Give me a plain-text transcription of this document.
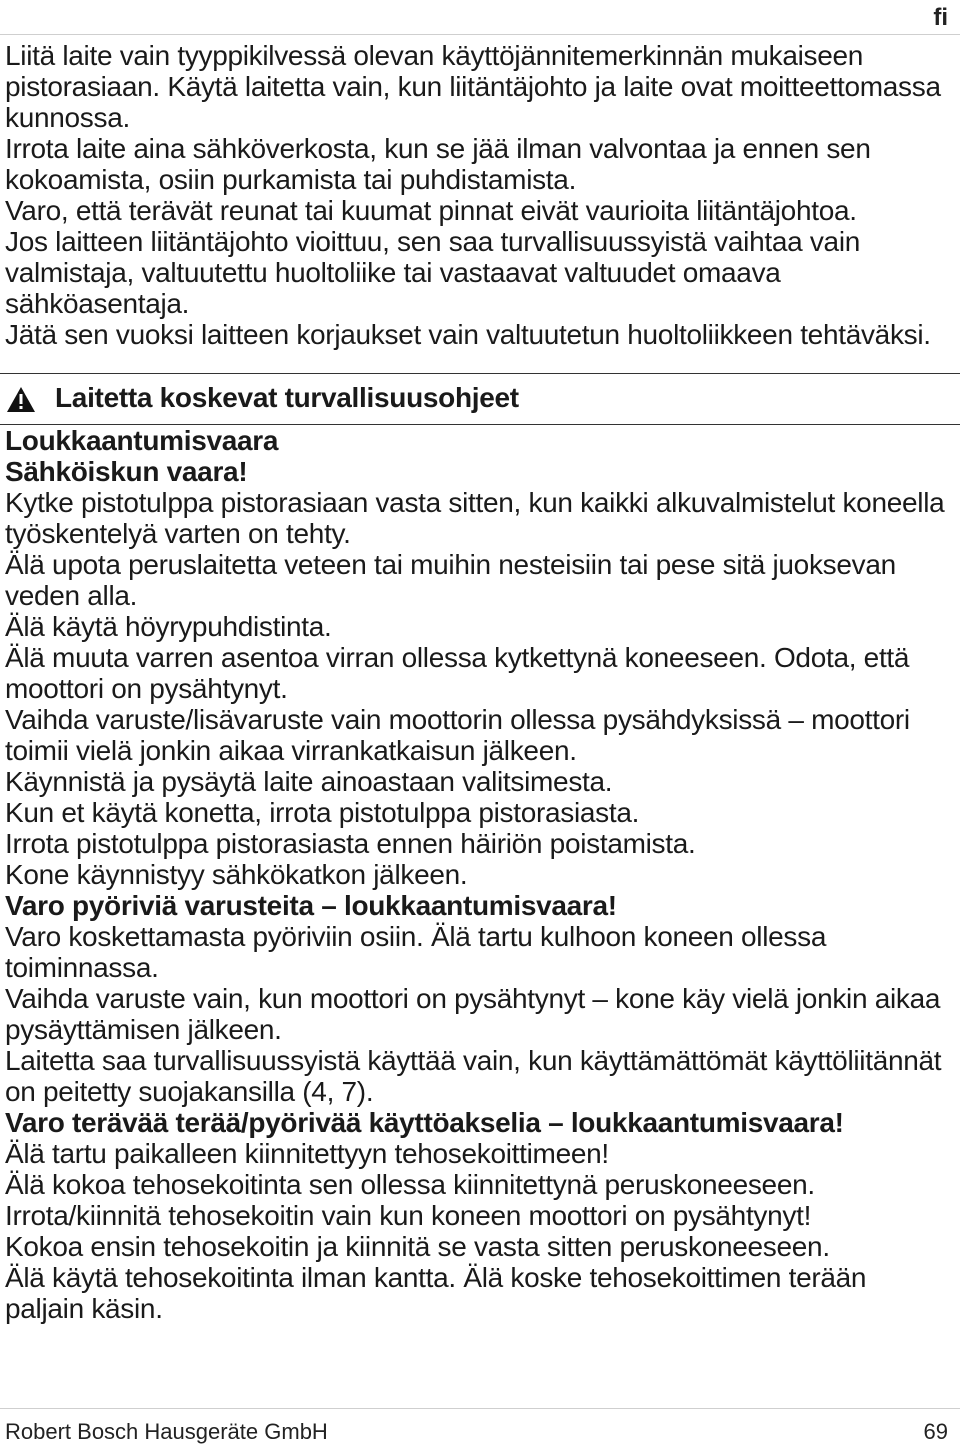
fi

Liitä laite vain tyyppikilvessä olevan käyttöjännitemerkinnän mukaiseen pistorasiaan. Käytä laitetta vain, kun liitäntäjohto ja laite ovat moitteettomassa kunnossa.

Irrota laite aina sähköverkosta, kun se jää ilman valvontaa ja ennen sen kokoamista, osiin purkamista tai puhdistamista.

Varo, että terävät reunat tai kuumat pinnat eivät vaurioita liitäntäjohtoa.

Jos laitteen liitäntäjohto vioittuu, sen saa turvallisuussyistä vaihtaa vain valmistaja, valtuutettu huoltoliike tai vastaavat valtuudet omaava sähköasentaja.

Jätä sen vuoksi laitteen korjaukset vain valtuutetun huoltoliikkeen tehtäväksi.

Laitetta koskevat turvallisuusohjeet

Loukkaantumisvaara

Sähköiskun vaara!

Kytke pistotulppa pistorasiaan vasta sitten, kun kaikki alkuvalmistelut koneella työskentelyä varten on tehty.

Älä upota peruslaitetta veteen tai muihin nesteisiin tai pese sitä juoksevan veden alla.

Älä käytä höyrypuhdistinta.

Älä muuta varren asentoa virran ollessa kytkettynä koneeseen. Odota, että moottori on pysähtynyt.

Vaihda varuste/lisävaruste vain moottorin ollessa pysähdyksissä – moottori toimii vielä jonkin aikaa virrankatkaisun jälkeen.

Käynnistä ja pysäytä laite ainoastaan valitsimesta.

Kun et käytä konetta, irrota pistotulppa pistorasiasta.

Irrota pistotulppa pistorasiasta ennen häiriön poistamista.

Kone käynnistyy sähkökatkon jälkeen.

Varo pyöriviä varusteita – loukkaantumisvaara!

Varo koskettamasta pyöriviin osiin. Älä tartu kulhoon koneen ollessa toiminnassa.

Vaihda varuste vain, kun moottori on pysähtynyt – kone käy vielä jonkin aikaa pysäyttämisen jälkeen.

Laitetta saa turvallisuussyistä käyttää vain, kun käyttämättömät käyttöliitännät on peitetty suojakansilla (4, 7).

Varo terävää terää/pyörivää käyttöakselia – loukkaantumisvaara!

Älä tartu paikalleen kiinnitettyyn tehosekoittimeen!

Älä kokoa tehosekoitinta sen ollessa kiinnitettynä peruskoneeseen.

Irrota/kiinnitä tehosekoitin vain kun koneen moottori on pysähtynyt!

Kokoa ensin tehosekoitin ja kiinnitä se vasta sitten peruskoneeseen.

Älä käytä tehosekoitinta ilman kantta. Älä koske tehosekoittimen terään paljain käsin.

Robert Bosch Hausgeräte GmbH	69
